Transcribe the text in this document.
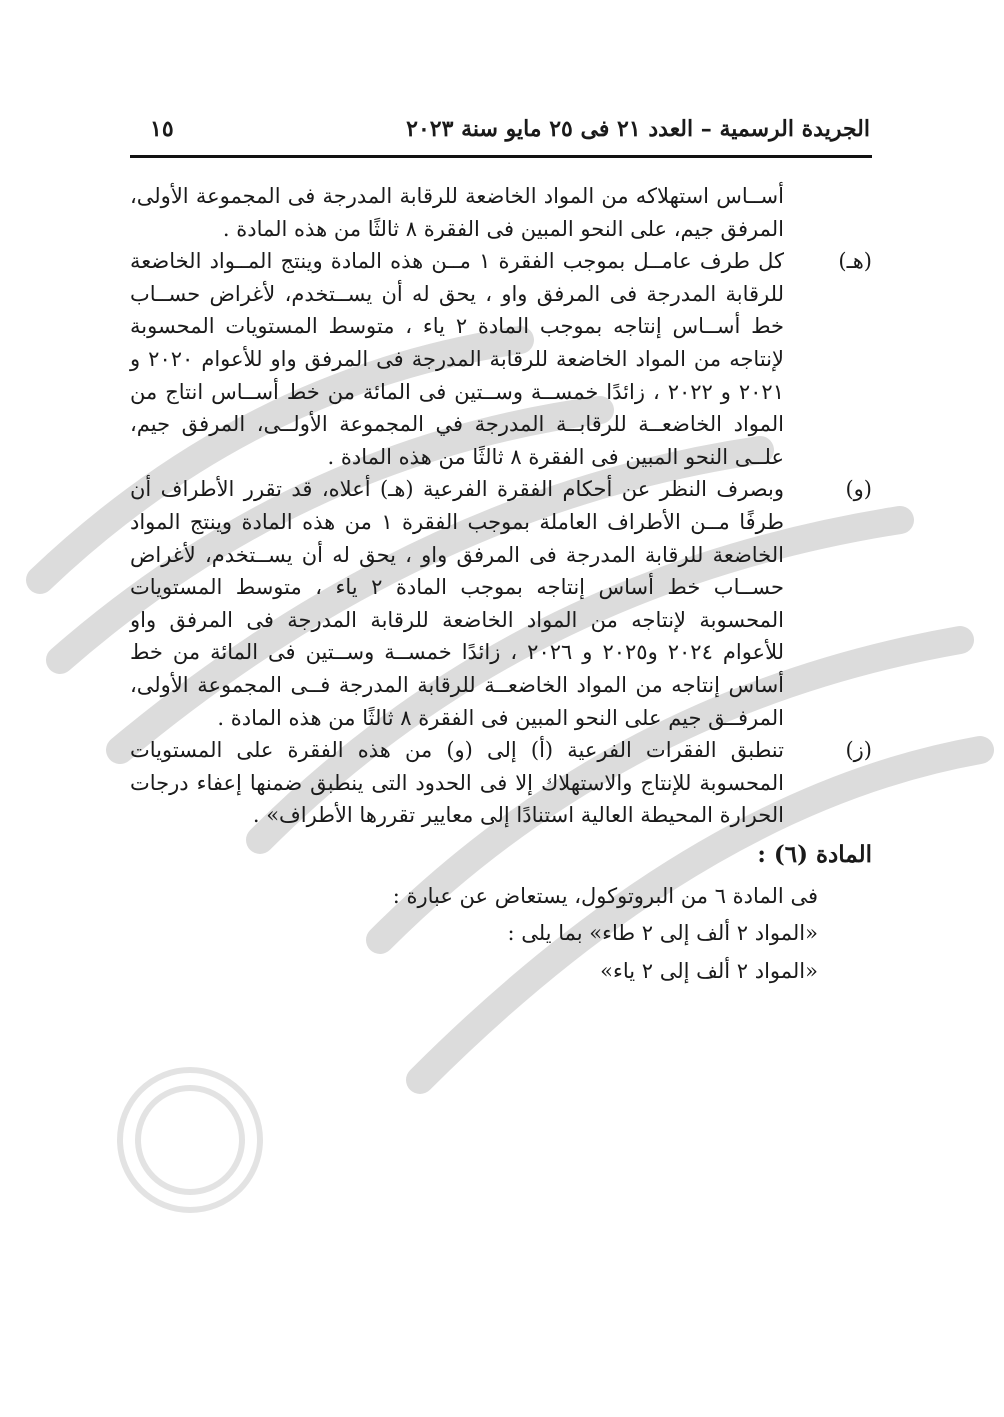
الجريدة الرسمية – العدد ٢١ فى ٢٥ مايو سنة ٢٠٢٣
١٥
أســاس استهلاكه من المواد الخاضعة للرقابة المدرجة فى المجموعة الأولى، المرفق جيم، على النحو المبين فى الفقرة ٨ ثالثًا من هذه المادة .
(هـ)
كل طرف عامــل بموجب الفقرة ١ مــن هذه المادة وينتج المــواد الخاضعة للرقابة المدرجة فى المرفق واو ، يحق له أن يســتخدم، لأغراض حســاب خط أســاس إنتاجه بموجب المادة ٢ ياء ، متوسط المستويات المحسوبة لإنتاجه من المواد الخاضعة للرقابة المدرجة فى المرفق واو للأعوام ٢٠٢٠ و ٢٠٢١ و ٢٠٢٢ ، زائدًا خمســة وســتين فى المائة من خط أســاس انتاج من المواد الخاضعــة للرقابــة المدرجة في المجموعة الأولــى، المرفق جيم، علــى النحو المبين فى الفقرة ٨ ثالثًا من هذه المادة .
(و)
وبصرف النظر عن أحكام الفقرة الفرعية (هـ) أعلاه، قد تقرر الأطراف أن طرفًا مــن الأطراف العاملة بموجب الفقرة ١ من هذه المادة وينتج المواد الخاضعة للرقابة المدرجة فى المرفق واو ، يحق له أن يســتخدم، لأغراض حســاب خط أساس إنتاجه بموجب المادة ٢ ياء ، متوسط المستويات المحسوبة لإنتاجه من المواد الخاضعة للرقابة المدرجة فى المرفق واو للأعوام ٢٠٢٤ و٢٠٢٥ و ٢٠٢٦ ، زائدًا خمســة وســتين فى المائة من خط أساس إنتاجه من المواد الخاضعــة للرقابة المدرجة فــى المجموعة الأولى، المرفــق جيم على النحو المبين فى الفقرة ٨ ثالثًا من هذه المادة .
(ز)
تنطبق الفقرات الفرعية (أ) إلى (و) من هذه الفقرة على المستويات المحسوبة للإنتاج والاستهلاك إلا فى الحدود التى ينطبق ضمنها إعفاء درجات الحرارة المحيطة العالية استنادًا إلى معايير تقررها الأطراف» .
المادة (٦) :
فى المادة ٦ من البروتوكول، يستعاض عن عبارة :
«المواد ٢ ألف إلى ٢ طاء» بما يلى :
«المواد ٢ ألف إلى ٢ ياء»
